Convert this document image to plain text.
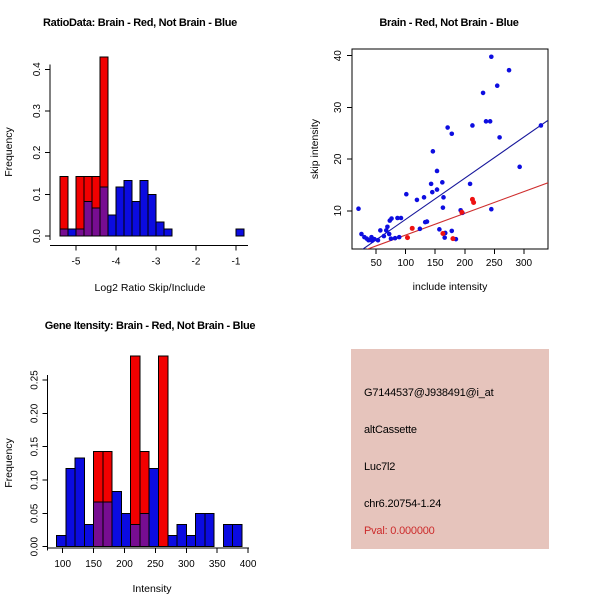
RatioData: Brain - Red, Not Brain - Blue
0.0
0.1
0.2
0.3
0.4
Frequency
-5	-4	-3	-2	-1
Log2 Ratio Skip/Include
Brain - Red, Not Brain - Blue
50 100 150 200 250 300
10
20
30
40
include intensity
skip intensity
Gene Itensity: Brain - Red, Not Brain - Blue
0.00
0.05
0.10
0.15
0.20
0.25
Frequency
100 150 200 250 300 350 400
Intensity
G7144537@J938491@i_at
altCassette
Luc7l2
chr6.20754-1.24
Pval: 0.000000
